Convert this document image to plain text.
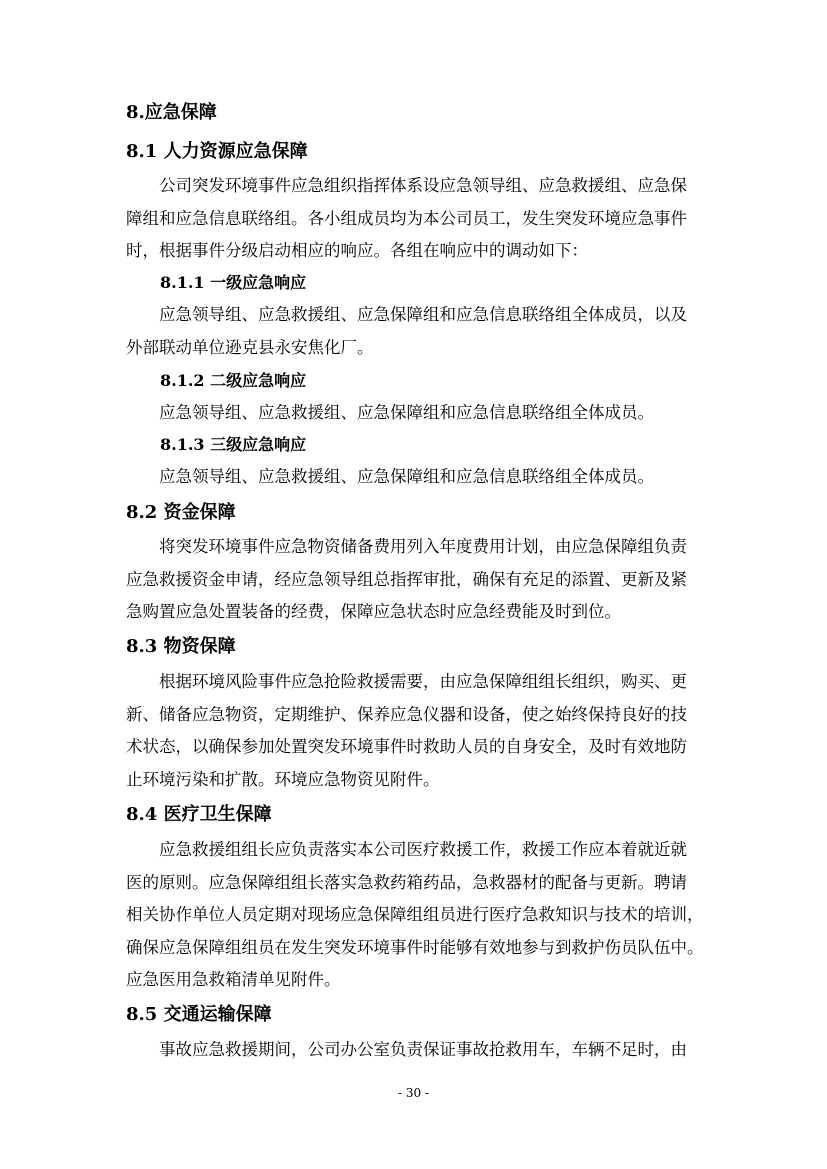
8.应急保障
8.1 人力资源应急保障
公司突发环境事件应急组织指挥体系设应急领导组、应急救援组、应急保
障组和应急信息联络组。各小组成员均为本公司员工，发生突发环境应急事件
时，根据事件分级启动相应的响应。各组在响应中的调动如下：
8.1.1 一级应急响应
应急领导组、应急救援组、应急保障组和应急信息联络组全体成员，以及
外部联动单位逊克县永安焦化厂。
8.1.2 二级应急响应
应急领导组、应急救援组、应急保障组和应急信息联络组全体成员。
8.1.3 三级应急响应
应急领导组、应急救援组、应急保障组和应急信息联络组全体成员。
8.2 资金保障
将突发环境事件应急物资储备费用列入年度费用计划，由应急保障组负责
应急救援资金申请，经应急领导组总指挥审批，确保有充足的添置、更新及紧
急购置应急处置装备的经费，保障应急状态时应急经费能及时到位。
8.3 物资保障
根据环境风险事件应急抢险救援需要，由应急保障组组长组织，购买、更
新、储备应急物资，定期维护、保养应急仪器和设备，使之始终保持良好的技
术状态，以确保参加处置突发环境事件时救助人员的自身安全，及时有效地防
止环境污染和扩散。环境应急物资见附件。
8.4 医疗卫生保障
应急救援组组长应负责落实本公司医疗救援工作，救援工作应本着就近就
医的原则。应急保障组组长落实急救药箱药品，急救器材的配备与更新。聘请
相关协作单位人员定期对现场应急保障组组员进行医疗急救知识与技术的培训，
确保应急保障组组员在发生突发环境事件时能够有效地参与到救护伤员队伍中。
应急医用急救箱清单见附件。
8.5 交通运输保障
事故应急救援期间，公司办公室负责保证事故抢救用车，车辆不足时，由
- 30 -
